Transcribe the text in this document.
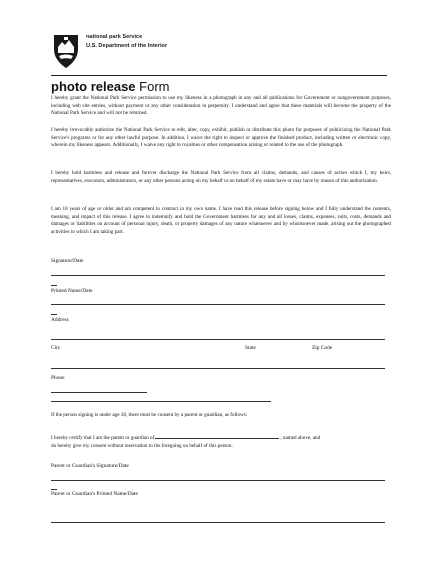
national park Service
U.S. Department of the Interior
photo release Form
I hereby grant the National Park Service permission to use my likeness in a photograph in any and all publications for Government or nongovernment purposes, including web site entries, without payment or any other consideration in perpetuity. I understand and agree that these materials will become the property of the National Park Service and will not be returned.
I hereby irrevocably authorize the National Park Service to edit, alter, copy, exhibit, publish or distribute this photo for purposes of publicizing the National Park Service's programs or for any other lawful purpose. In addition, I waive the right to inspect or approve the finished product, including written or electronic copy, wherein my likeness appears. Additionally, I waive any right to royalties or other compensation arising or related to the use of the photograph.
I hereby hold harmless and release and forever discharge the National Park Service from all claims, demands, and causes of action which I, my heirs, representatives, executors, administrators, or any other persons acting on my behalf or on behalf of my estate have or may have by reason of this authorization.
I am 18 years of age or older and am competent to contract in my own name. I have read this release before signing below and I fully understand the contents, meaning, and impact of this release. I agree to indemnify and hold the Government harmless for any and all losses, claims, expenses, suits, costs, demands and damages or liabilities on account of personal injury, death, or property damages of any nature whatsoever and by whomsoever made, arising out the photographed activities in which I am taking part.
Signature/Date
Printed Name/Date
Address
City	State	Zip Code
Phone
If the person signing is under age 18, there must be consent by a parent or guardian, as follows:
I hereby certify that I am the parent or guardian of	, named above, and
do hereby give my consent without reservation to the foregoing on behalf of this person.
Parent or Guardian's Signature/Date
Parent or Guardian's Printed Name/Date
